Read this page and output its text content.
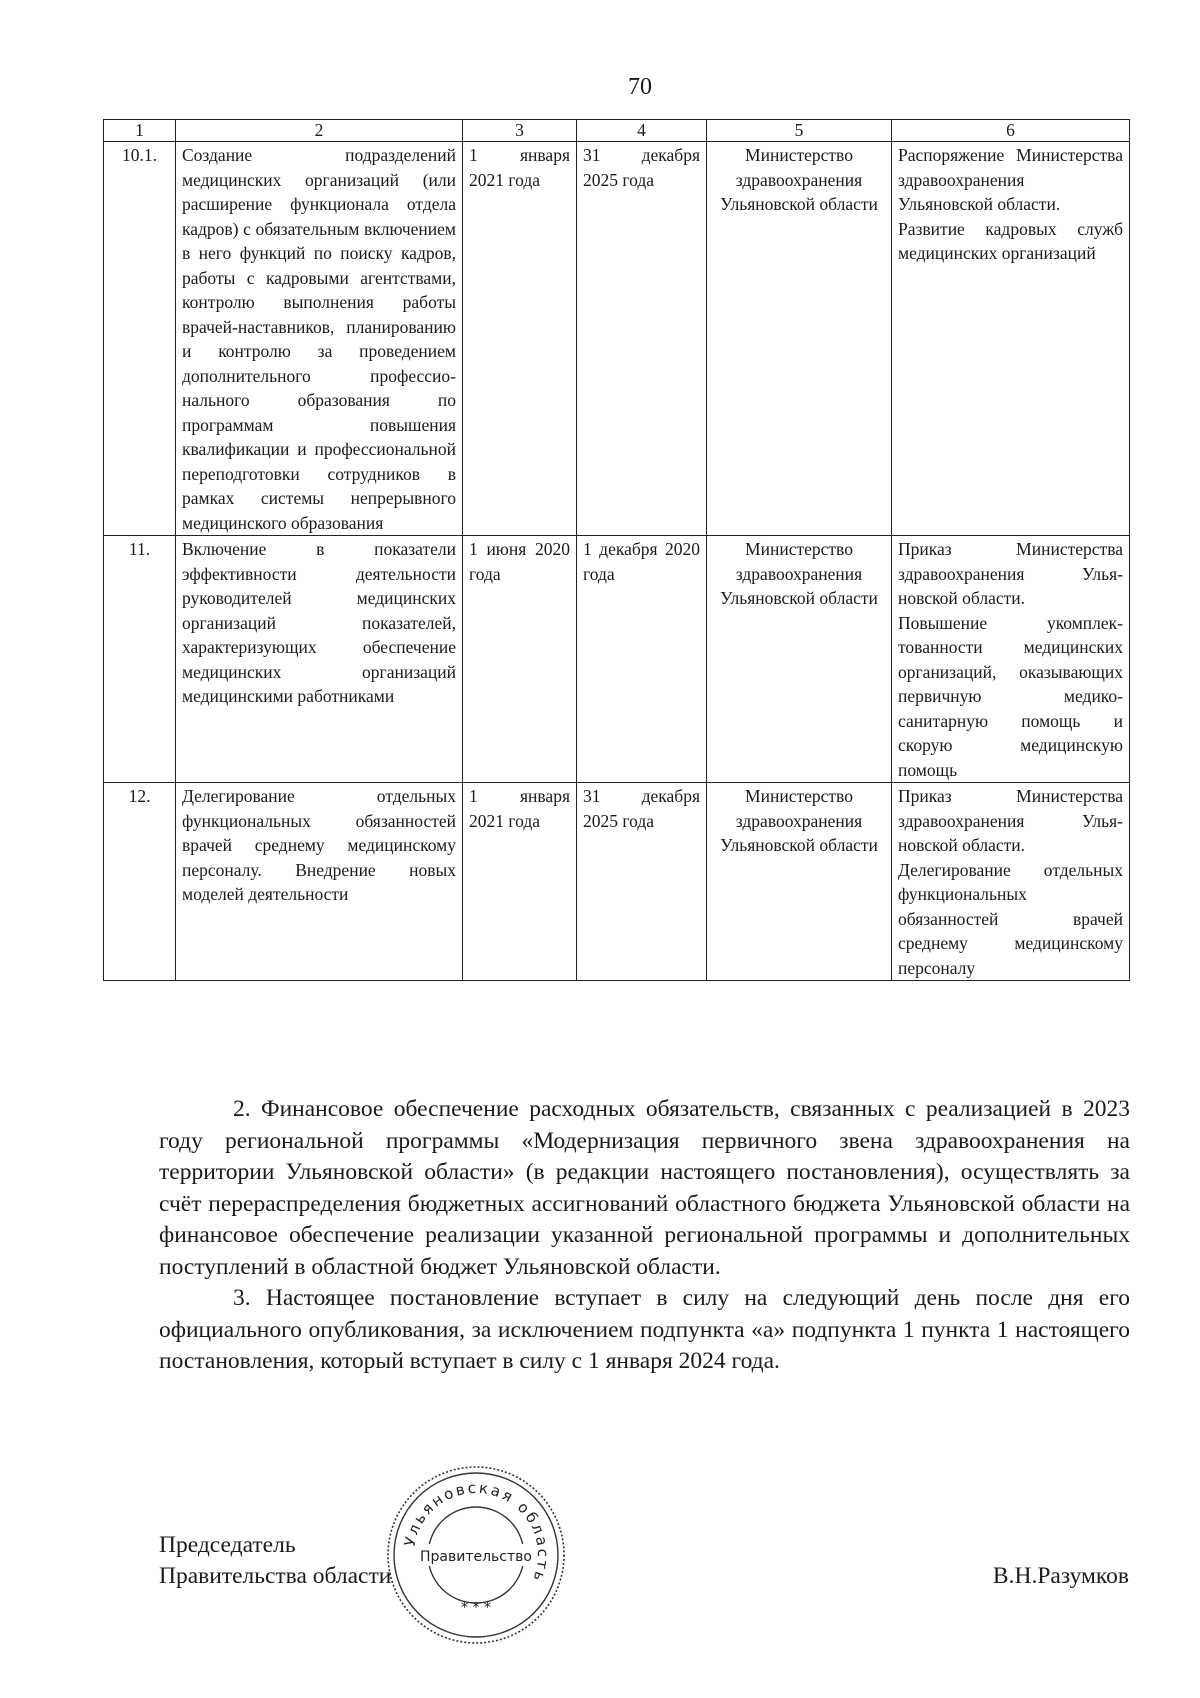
70
1	2	3	4	5	6
10.1.	Создание подразделений медицинских организаций (или расширение функционала отдела кадров) с обязательным включением в него функций по поиску кадров, работы с кадровыми агентствами, контролю выполнения работы врачей-наставников, планированию и контролю за проведением дополнительного профессионального образования по программам повышения квалификации и профессиональной переподготовки сотрудников в рамках системы непрерывного медицинского образования	1 января 2021 года	31 декабря 2025 года	Министерство здравоохранения Ульяновской области	Распоряжение Министерства здравоохранения Ульяновской области.
Развитие кадровых служб медицинских организаций

11.	Включение в показатели эффективности деятельности руководителей медицинских организаций показателей, характеризующих обеспечение медицинских организаций медицинскими работниками	1 июня 2020 года	1 декабря 2020 года	Министерство здравоохранения Ульяновской области	Приказ Министерства здравоохранения Ульяновской области.
Повышение укомплектованности медицинских организаций, оказывающих первичную медико-санитарную помощь и скорую медицинскую помощь

12.	Делегирование отдельных функциональных обязанностей врачей среднему медицинскому персоналу. Внедрение новых моделей деятельности	1 января 2021 года	31 декабря 2025 года	Министерство здравоохранения Ульяновской области	Приказ Министерства здравоохранения Ульяновской области.
Делегирование отдельных функциональных обязанностей врачей среднему медицинскому персоналу

2. Финансовое обеспечение расходных обязательств, связанных с реализацией в 2023 году региональной программы «Модернизация первичного звена здравоохранения на территории Ульяновской области» (в редакции настоящего постановления), осуществлять за счёт перераспределения бюджетных ассигнований областного бюджета Ульяновской области на финансовое обеспечение реализации указанной региональной программы и дополнительных поступлений в областной бюджет Ульяновской области.

3. Настоящее постановление вступает в силу на следующий день после дня его официального опубликования, за исключением подпункта «а» подпункта 1 пункта 1 настоящего постановления, который вступает в силу с 1 января 2024 года.

Председатель
Правительства области
Ульяновская область
Правительство
* * *
В.Н.Разумков
